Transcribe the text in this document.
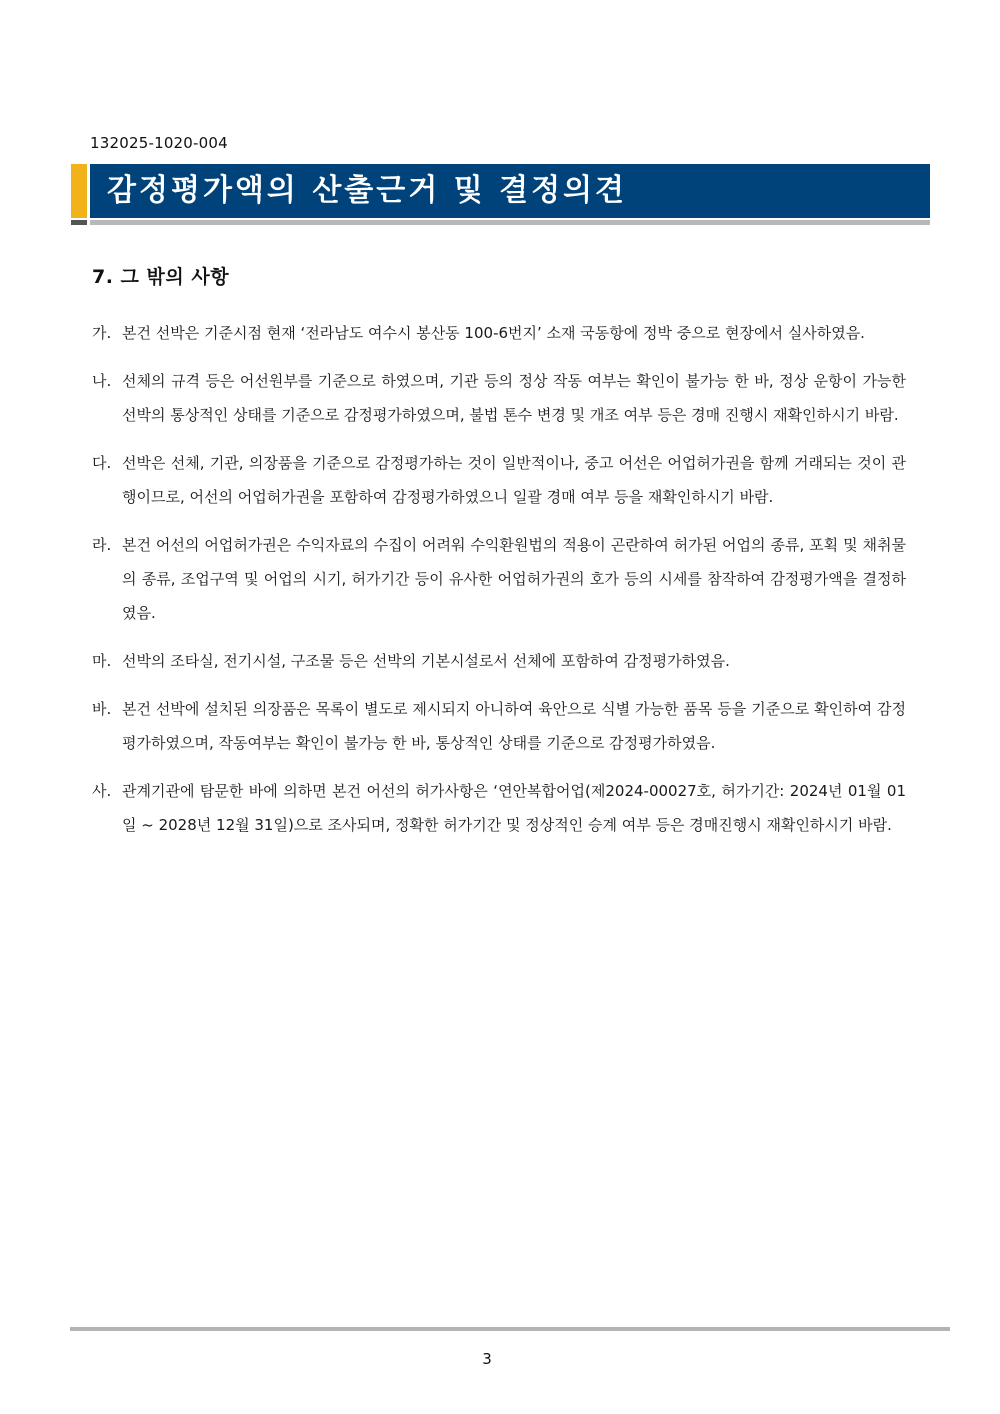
132025-1020-004
감정평가액의 산출근거 및 결정의견
7. 그 밖의 사항
가. 본건 선박은 기준시점 현재 ‘전라남도 여수시 봉산동 100-6번지’ 소재 국동항에 정박 중으로 현장에서 실사하였음.
나. 선체의 규격 등은 어선원부를 기준으로 하였으며, 기관 등의 정상 작동 여부는 확인이 불가능 한 바, 정상 운항이 가능한 선박의 통상적인 상태를 기준으로 감정평가하였으며, 불법 톤수 변경 및 개조 여부 등은 경매 진행시 재확인하시기 바람.
다. 선박은 선체, 기관, 의장품을 기준으로 감정평가하는 것이 일반적이나, 중고 어선은 어업허가권을 함께 거래되는 것이 관행이므로, 어선의 어업허가권을 포함하여 감정평가하였으니 일괄 경매 여부 등을 재확인하시기 바람.
라. 본건 어선의 어업허가권은 수익자료의 수집이 어려워 수익환원법의 적용이 곤란하여 허가된 어업의 종류, 포획 및 채취물의 종류, 조업구역 및 어업의 시기, 허가기간 등이 유사한 어업허가권의 호가 등의 시세를 참작하여 감정평가액을 결정하였음.
마. 선박의 조타실, 전기시설, 구조물 등은 선박의 기본시설로서 선체에 포함하여 감정평가하였음.
바. 본건 선박에 설치된 의장품은 목록이 별도로 제시되지 아니하여 육안으로 식별 가능한 품목 등을 기준으로 확인하여 감정평가하였으며, 작동여부는 확인이 불가능 한 바, 통상적인 상태를 기준으로 감정평가하였음.
사. 관계기관에 탐문한 바에 의하면 본건 어선의 허가사항은 ‘연안복합어업(제2024-00027호, 허가기간: 2024년 01월 01일 ~ 2028년 12월 31일)으로 조사되며, 정확한 허가기간 및 정상적인 승계 여부 등은 경매진행시 재확인하시기 바람.
3
